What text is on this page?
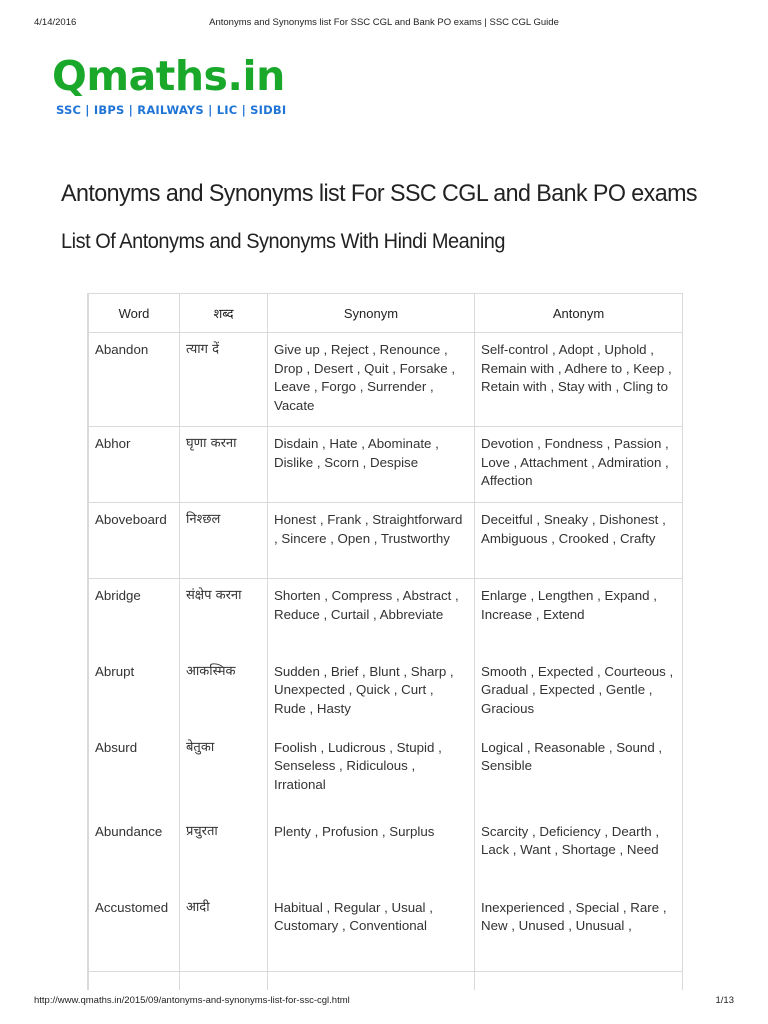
4/14/2016	Antonyms and Synonyms list For SSC CGL and Bank PO exams | SSC CGL Guide
Qmaths.in
SSC | IBPS | RAILWAYS | LIC | SIDBI
Antonyms and Synonyms list For SSC CGL and Bank PO exams
List Of Antonyms and Synonyms With Hindi Meaning
Word	शब्द	Synonym	Antonym
Abandon	त्याग दें	Give up , Reject , Renounce , Drop , Desert , Quit , Forsake , Leave , Forgo , Surrender , Vacate	Self-control , Adopt , Uphold , Remain with , Adhere to , Keep , Retain with , Stay with , Cling to
Abhor	घृणा करना	Disdain , Hate , Abominate , Dislike , Scorn , Despise	Devotion , Fondness , Passion , Love , Attachment , Admiration , Affection
Aboveboard	निश्छल	Honest , Frank , Straightforward , Sincere , Open , Trustworthy	Deceitful , Sneaky , Dishonest , Ambiguous , Crooked , Crafty
Abridge	संक्षेप करना	Shorten , Compress , Abstract , Reduce , Curtail , Abbreviate	Enlarge , Lengthen , Expand , Increase , Extend
Abrupt	आकस्मिक	Sudden , Brief , Blunt , Sharp , Unexpected , Quick , Curt , Rude , Hasty	Smooth , Expected , Courteous , Gradual , Expected , Gentle , Gracious
Absurd	बेतुका	Foolish , Ludicrous , Stupid , Senseless , Ridiculous , Irrational	Logical , Reasonable , Sound , Sensible
Abundance	प्रचुरता	Plenty , Profusion , Surplus	Scarcity , Deficiency , Dearth , Lack , Want , Shortage , Need
Accustomed	आदी	Habitual , Regular , Usual , Customary , Conventional	Inexperienced , Special , Rare , New , Unused , Unusual ,

http://www.qmaths.in/2015/09/antonyms-and-synonyms-list-for-ssc-cgl.html	1/13
